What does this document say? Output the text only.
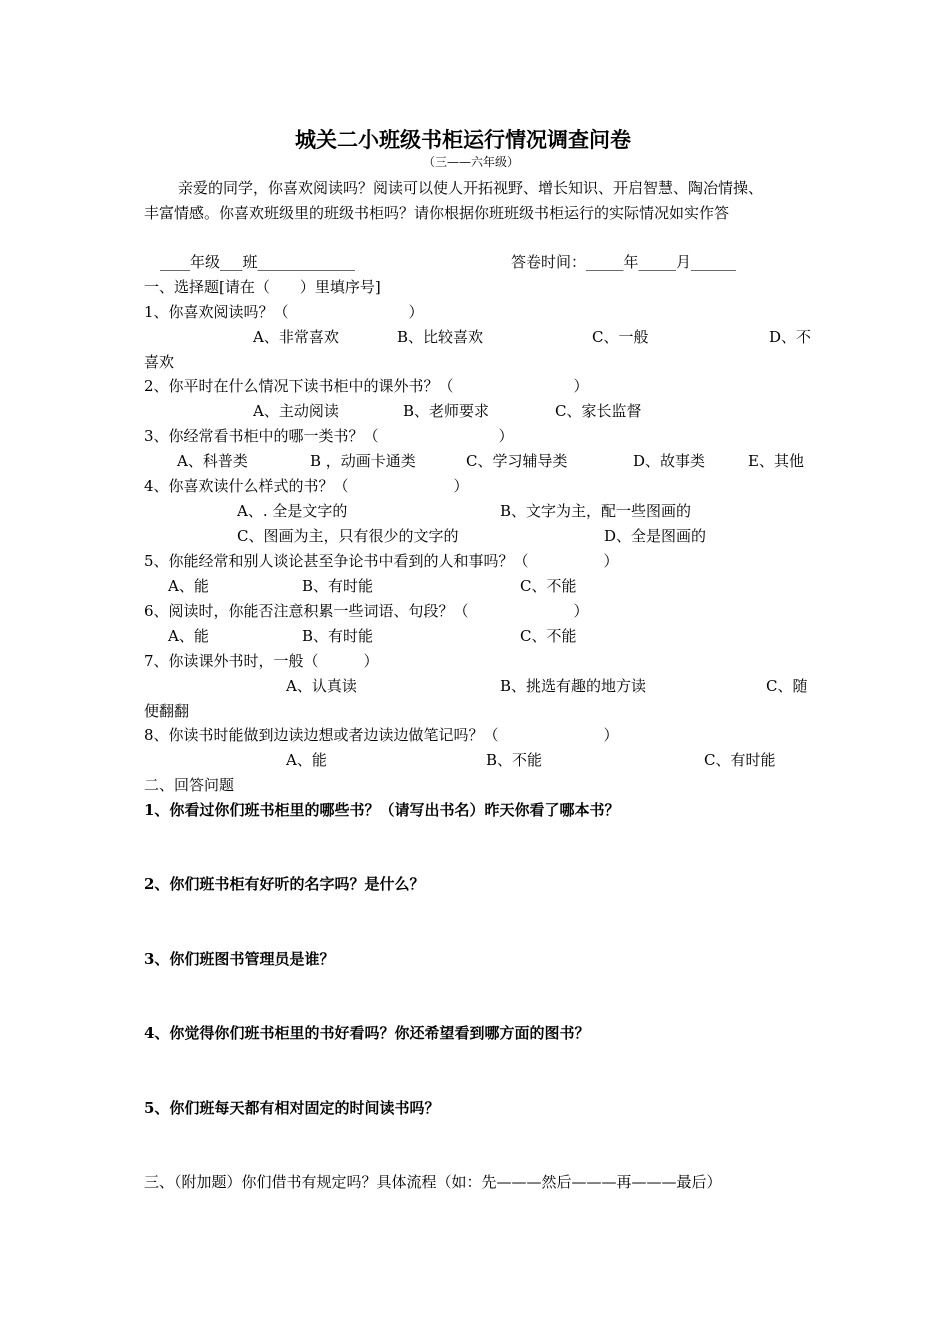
城关二小班级书柜运行情况调查问卷
（三——六年级）
亲爱的同学，你喜欢阅读吗？阅读可以使人开拓视野、增长知识、开启智慧、陶冶情操、
丰富情感。你喜欢班级里的班级书柜吗？请你根据你班班级书柜运行的实际情况如实作答
____年级___班_____________	答卷时间：_____年_____月______
一、选择题[请在（　　）里填序号]
1、你喜欢阅读吗？（　　　　　　　　）
A、非常喜欢	B、比较喜欢	C、一般	D、不
喜欢
2、你平时在什么情况下读书柜中的课外书？（　　　　　　　　）
A、主动阅读	B、老师要求	C、家长监督
3、你经常看书柜中的哪一类书？（　　　　　　　　）
A、科普类	B ，动画卡通类	C、学习辅导类	D、故事类	E、其他
4、你喜欢读什么样式的书？（　　　　　　　）
A、. 全是文字的	B、文字为主，配一些图画的
C、图画为主，只有很少的文字的	D、全是图画的
5、你能经常和别人谈论甚至争论书中看到的人和事吗？（　　　　　）
A、能	B、有时能	C、不能
6、阅读时，你能否注意积累一些词语、句段？（　　　　　　　）
A、能	B、有时能	C、不能
7、你读课外书时，一般（　　　）
A、认真读	B、挑选有趣的地方读	C、随
便翻翻
8、你读书时能做到边读边想或者边读边做笔记吗？（　　　　　　　）
A、能	B、不能	C、有时能
二、回答问题
1、你看过你们班书柜里的哪些书？（请写出书名）昨天你看了哪本书？
2、你们班书柜有好听的名字吗？是什么？
3、你们班图书管理员是谁？
4、你觉得你们班书柜里的书好看吗？你还希望看到哪方面的图书？
5、你们班每天都有相对固定的时间读书吗？
三、（附加题）你们借书有规定吗？具体流程（如：先———然后———再———最后）
